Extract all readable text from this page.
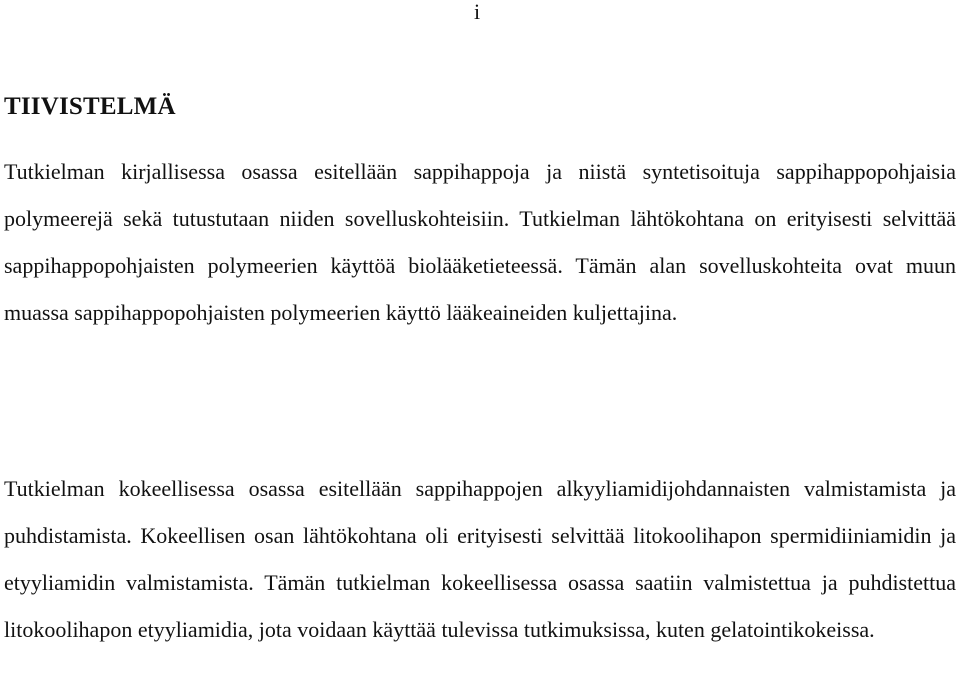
i
TIIVISTELMÄ

Tutkielman kirjallisessa osassa esitellään sappihappoja ja niistä syntetisoituja sappihappopohjaisia polymeerejä sekä tutustutaan niiden sovelluskohteisiin. Tutkielman lähtökohtana on erityisesti selvittää sappihappopohjaisten polymeerien käyttöä biolääketieteessä. Tämän alan sovelluskohteita ovat muun muassa sappihappopohjaisten polymeerien käyttö lääkeaineiden kuljettajina.

Tutkielman kokeellisessa osassa esitellään sappihappojen alkyyliamidijohdannaisten valmistamista ja puhdistamista. Kokeellisen osan lähtökohtana oli erityisesti selvittää litokoolihapon spermidiiniamidin ja etyyliamidin valmistamista. Tämän tutkielman kokeellisessa osassa saatiin valmistettua ja puhdistettua litokoolihapon etyyliamidia, jota voidaan käyttää tulevissa tutkimuksissa, kuten gelatointikokeissa.
